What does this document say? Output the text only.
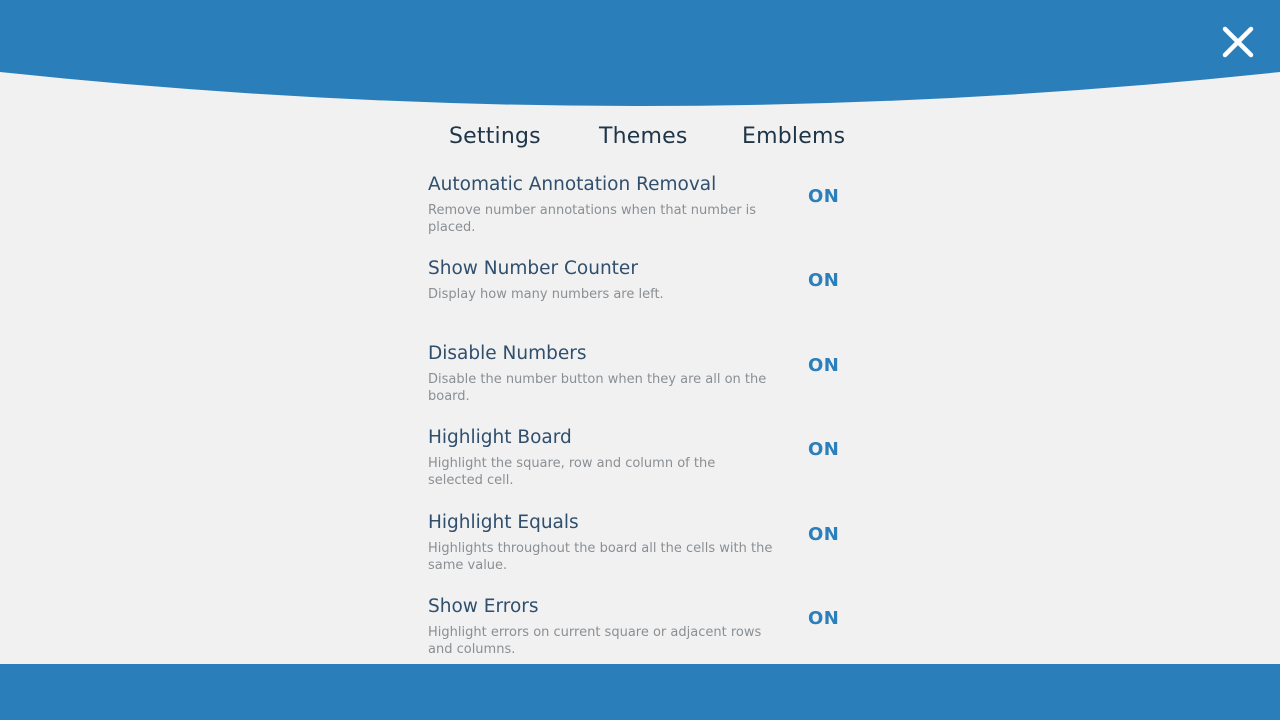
Settings	Themes Emblems
Automatic Annotation Removal
Remove number annotations when that number is placed.
ON
Show Number Counter
Display how many numbers are left.
ON
Disable Numbers
Disable the number button when they are all on the board.
ON
Highlight Board
Highlight the square, row and column of the selected cell.
ON
Highlight Equals
Highlights throughout the board all the cells with the same value.
ON
Show Errors
Highlight errors on current square or adjacent rows and columns.
ON
